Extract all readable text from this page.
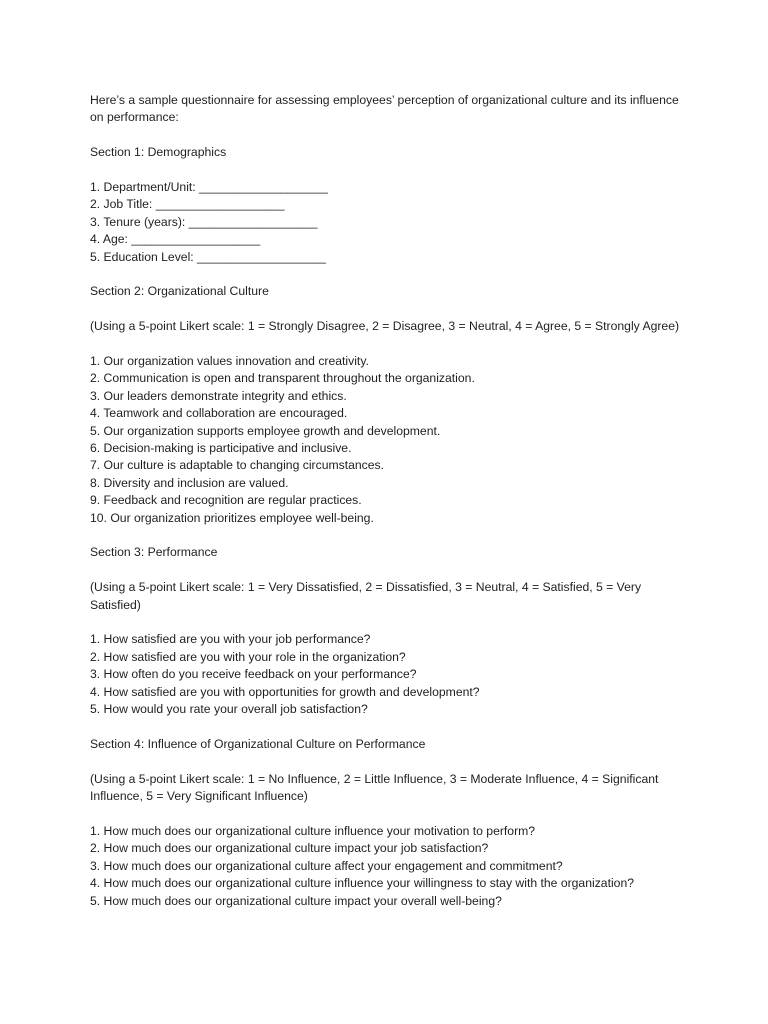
Here’s a sample questionnaire for assessing employees’ perception of organizational culture and its influence on performance:

Section 1: Demographics

1. Department/Unit: ___________________
2. Job Title: ___________________
3. Tenure (years): ___________________
4. Age: ___________________
5. Education Level: ___________________

Section 2: Organizational Culture

(Using a 5-point Likert scale: 1 = Strongly Disagree, 2 = Disagree, 3 = Neutral, 4 = Agree, 5 = Strongly Agree)

1. Our organization values innovation and creativity.
2. Communication is open and transparent throughout the organization.
3. Our leaders demonstrate integrity and ethics.
4. Teamwork and collaboration are encouraged.
5. Our organization supports employee growth and development.
6. Decision-making is participative and inclusive.
7. Our culture is adaptable to changing circumstances.
8. Diversity and inclusion are valued.
9. Feedback and recognition are regular practices.
10. Our organization prioritizes employee well-being.

Section 3: Performance

(Using a 5-point Likert scale: 1 = Very Dissatisfied, 2 = Dissatisfied, 3 = Neutral, 4 = Satisfied, 5 = Very Satisfied)

1. How satisfied are you with your job performance?
2. How satisfied are you with your role in the organization?
3. How often do you receive feedback on your performance?
4. How satisfied are you with opportunities for growth and development?
5. How would you rate your overall job satisfaction?

Section 4: Influence of Organizational Culture on Performance

(Using a 5-point Likert scale: 1 = No Influence, 2 = Little Influence, 3 = Moderate Influence, 4 = Significant Influence, 5 = Very Significant Influence)

1. How much does our organizational culture influence your motivation to perform?
2. How much does our organizational culture impact your job satisfaction?
3. How much does our organizational culture affect your engagement and commitment?
4. How much does our organizational culture influence your willingness to stay with the organization?
5. How much does our organizational culture impact your overall well-being?
